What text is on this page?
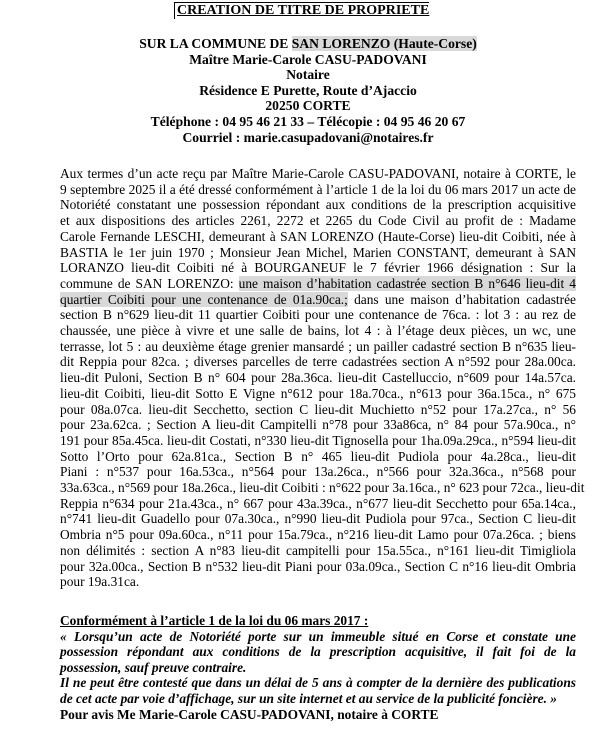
CREATION DE TITRE DE PROPRIETE
SUR LA COMMUNE DE SAN LORENZO (Haute-Corse)
Maître Marie-Carole CASU-PADOVANI
Notaire
Résidence E Purette, Route d’Ajaccio
20250 CORTE
Téléphone : 04 95 46 21 33 – Télécopie : 04 95 46 20 67
Courriel : marie.casupadovani@notaires.fr
Aux termes d’un acte reçu par Maître Marie-Carole CASU-PADOVANI, notaire à CORTE, le
9 septembre 2025 il a été dressé conformément à l’article 1 de la loi du 06 mars 2017 un acte de
Notoriété constatant une possession répondant aux conditions de la prescription acquisitive
et aux dispositions des articles 2261, 2272 et 2265 du Code Civil au profit de : Madame
Carole Fernande LESCHI, demeurant à SAN LORENZO (Haute-Corse) lieu-dit Coibiti, née à
BASTIA le 1er juin 1970 ; Monsieur Jean Michel, Marien CONSTANT, demeurant à SAN
LORANZO lieu-dit Coibiti né à BOURGANEUF le 7 février 1966 désignation : Sur la
commune de SAN LORENZO: une maison d’habitation cadastrée section B n°646 lieu-dit 4
quartier Coibiti pour une contenance de 01a.90ca.; dans une maison d’habitation cadastrée
section B n°629 lieu-dit 11 quartier Coibiti pour une contenance de 76ca. : lot 3 : au rez de
chaussée, une pièce à vivre et une salle de bains, lot 4 : à l’étage deux pièces, un wc, une
terrasse, lot 5 : au deuxième étage grenier mansardé ; un pailler cadastré section B n°635 lieu-
dit Reppia pour 82ca. ; diverses parcelles de terre cadastrées section A n°592 pour 28a.00ca.
lieu-dit Puloni, Section B n° 604 pour 28a.36ca. lieu-dit Castelluccio, n°609 pour 14a.57ca.
lieu-dit Coibiti, lieu-dit Sotto E Vigne n°612 pour 18a.70ca., n°613 pour 36a.15ca., n° 675
pour 08a.07ca. lieu-dit Secchetto, section C lieu-dit Muchietto n°52 pour 17a.27ca., n° 56
pour 23a.62ca. ; Section A lieu-dit Campitelli n°78 pour 33a86ca, n° 84 pour 57a.90ca., n°
191 pour 85a.45ca. lieu-dit Costati, n°330 lieu-dit Tignosella pour 1ha.09a.29ca., n°594 lieu-dit
Sotto l’Orto pour 62a.81ca., Section B n° 465 lieu-dit Pudiola pour 4a.28ca., lieu-dit
Piani : n°537 pour 16a.53ca., n°564 pour 13a.26ca., n°566 pour 32a.36ca., n°568 pour
33a.63ca., n°569 pour 18a.26ca., lieu-dit Coibiti : n°622 pour 3a.16ca., n° 623 pour 72ca., lieu-dit
Reppia n°634 pour 21a.43ca., n° 667 pour 43a.39ca., n°677 lieu-dit Secchetto pour 65a.14ca.,
n°741 lieu-dit Guadello pour 07a.30ca., n°990 lieu-dit Pudiola pour 97ca., Section C lieu-dit
Ombria n°5 pour 09a.60ca., n°11 pour 15a.79ca., n°216 lieu-dit Lamo pour 07a.26ca. ; biens
non délimités : section A n°83 lieu-dit campitelli pour 15a.55ca., n°161 lieu-dit Timigliola
pour 32a.00ca., Section B n°532 lieu-dit Piani pour 03a.09ca., Section C n°16 lieu-dit Ombria
pour 19a.31ca.
Conformément à l’article 1 de la loi du 06 mars 2017 :
« Lorsqu’un acte de Notoriété porte sur un immeuble situé en Corse et constate une
possession répondant aux conditions de la prescription acquisitive, il fait foi de la
possession, sauf preuve contraire.
Il ne peut être contesté que dans un délai de 5 ans à compter de la dernière des publications
de cet acte par voie d’affichage, sur un site internet et au service de la publicité foncière. »
Pour avis Me Marie-Carole CASU-PADOVANI, notaire à CORTE
